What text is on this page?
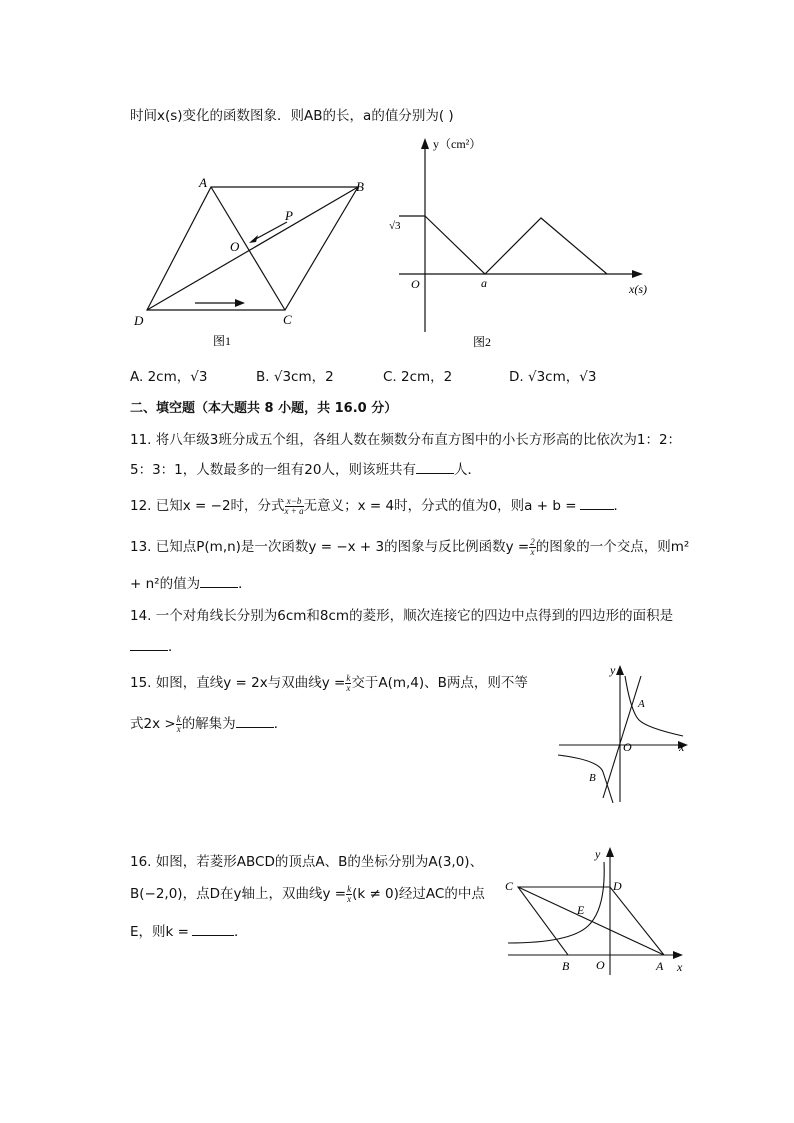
时间x(s)变化的函数图象．则AB的长，a的值分别为( )
A	B
C
D
O
P
图1
y（cm²）
x(s)
O	a
√3
图2
A. 2cm，√3	B. √3cm，2	C. 2cm，2	D. √3cm，√3
二、填空题（本大题共 8 小题，共 16.0 分）
11. 将八年级3班分成五个组，各组人数在频数分布直方图中的小长方形高的比依次为1：2：
5：3：1，人数最多的一组有20人，则该班共有	人．
12. 已知x = −2时，分式 $\frac{x-b}{x + a}$ 无意义；x = 4时，分式的值为0，则a + b =	．
13. 已知点P(m,n)是一次函数y = −x + 3的图象与反比例函数$y = \frac{2}{x}$ 的图象的一个交点，则m²
+ n²的值为	．
14. 一个对角线长分别为6cm和8cm的菱形，顺次连接它的四边中点得到的四边形的面积是
．
15. 如图，直线y = 2x与双曲线$y = \frac{k}{x}$ 交于A(m,4)、B两点，则不等
式$2x > \frac{k}{x}$ 的解集为	．
y
x
O
A
B
16. 如图，若菱形ABCD的顶点A、B的坐标分别为A(3,0)、
B(−2,0)，点D在y轴上，双曲线$y = \frac{k}{x} (k \ne 0)$经过AC的中点
E，则k =	．
y
x
O	A
B
C	D
E
